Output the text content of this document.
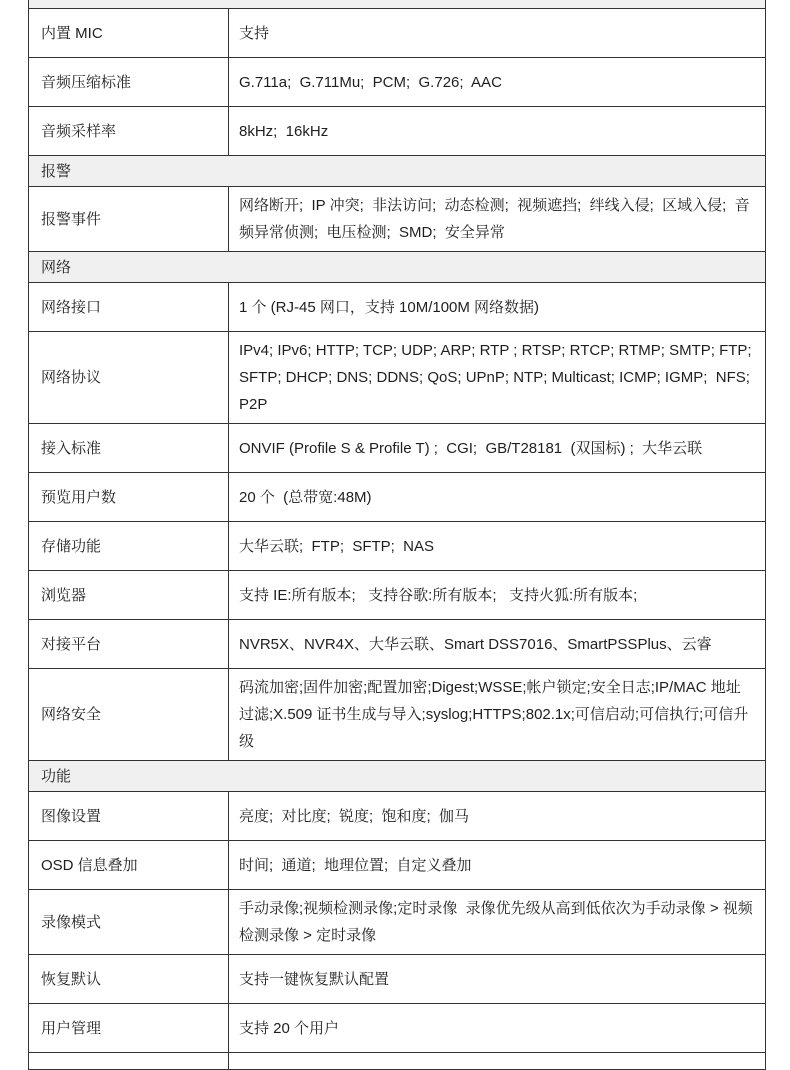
内置 MIC	支持
音频压缩标准	G.711a;  G.711Mu;  PCM;  G.726;  AAC
音频采样率	8kHz;  16kHz
报警	
报警事件	网络断开;  IP 冲突;  非法访问;  动态检测;  视频遮挡;  绊线入侵;  区域入侵;  音频异常侦测;  电压检测;  SMD;  安全异常
网络	
网络接口	1 个 (RJ-45 网口，支持 10M/100M 网络数据)
网络协议	IPv4; IPv6; HTTP; TCP; UDP; ARP; RTP ; RTSP; RTCP; RTMP; SMTP; FTP; SFTP; DHCP; DNS; DDNS; QoS; UPnP; NTP; Multicast; ICMP; IGMP;  NFS;  P2P
接入标准	ONVIF (Profile S & Profile T) ;  CGI;  GB/T28181  (双国标) ;  大华云联
预览用户数	20 个  (总带宽:48M)
存储功能	大华云联;  FTP;  SFTP;  NAS
浏览器	支持 IE:所有版本;   支持谷歌:所有版本;   支持火狐:所有版本;
对接平台	NVR5X、NVR4X、大华云联、Smart DSS7016、SmartPSSPlus、云睿
网络安全	码流加密;固件加密;配置加密;Digest;WSSE;帐户锁定;安全日志;IP/MAC 地址过滤;X.509 证书生成与导入;syslog;HTTPS;802.1x;可信启动;可信执行;可信升级
功能	
图像设置	亮度;  对比度;  锐度;  饱和度;  伽马
OSD 信息叠加	时间;  通道;  地理位置;  自定义叠加
录像模式	手动录像;视频检测录像;定时录像  录像优先级从高到低依次为手动录像 > 视频检测录像 > 定时录像
恢复默认	支持一键恢复默认配置
用户管理	支持 20 个用户
